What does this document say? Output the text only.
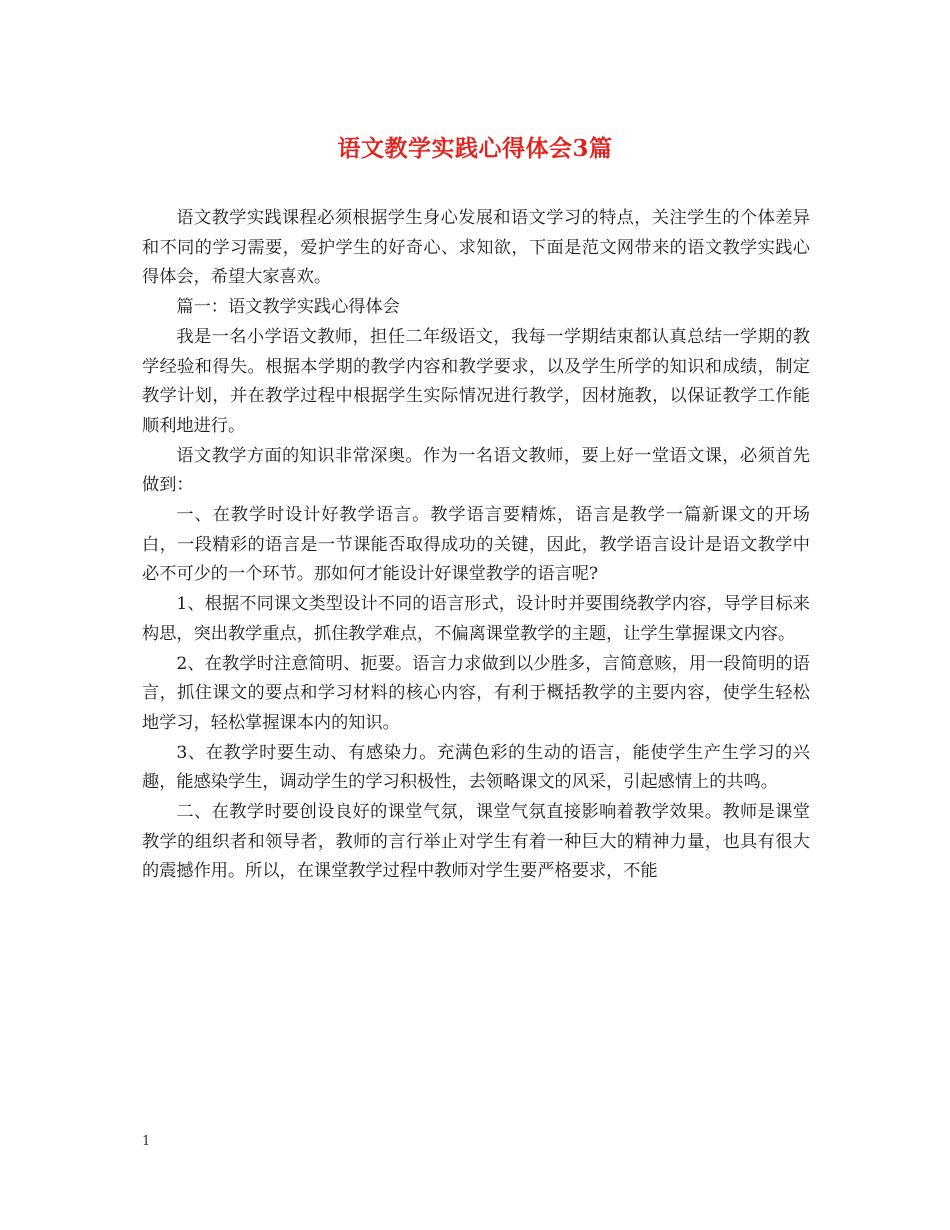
语文教学实践心得体会3篇

语文教学实践课程必须根据学生身心发展和语文学习的特点，关注学生的个体差异和不同的学习需要，爱护学生的好奇心、求知欲，下面是范文网带来的语文教学实践心得体会，希望大家喜欢。

篇一：语文教学实践心得体会

我是一名小学语文教师，担任二年级语文，我每一学期结束都认真总结一学期的教学经验和得失。根据本学期的教学内容和教学要求，以及学生所学的知识和成绩，制定教学计划，并在教学过程中根据学生实际情况进行教学，因材施教，以保证教学工作能顺利地进行。

语文教学方面的知识非常深奥。作为一名语文教师，要上好一堂语文课，必须首先做到：

一、在教学时设计好教学语言。教学语言要精炼，语言是教学一篇新课文的开场白，一段精彩的语言是一节课能否取得成功的关键，因此，教学语言设计是语文教学中必不可少的一个环节。那如何才能设计好课堂教学的语言呢?

1、根据不同课文类型设计不同的语言形式，设计时并要围绕教学内容，导学目标来构思，突出教学重点，抓住教学难点，不偏离课堂教学的主题，让学生掌握课文内容。

2、在教学时注意简明、扼要。语言力求做到以少胜多，言简意赅，用一段简明的语言，抓住课文的要点和学习材料的核心内容，有利于概括教学的主要内容，使学生轻松地学习，轻松掌握课本内的知识。

3、在教学时要生动、有感染力。充满色彩的生动的语言，能使学生产生学习的兴趣，能感染学生，调动学生的学习积极性，去领略课文的风采，引起感情上的共鸣。

二、在教学时要创设良好的课堂气氛，课堂气氛直接影响着教学效果。教师是课堂教学的组织者和领导者，教师的言行举止对学生有着一种巨大的精神力量，也具有很大的震撼作用。所以，在课堂教学过程中教师对学生要严格要求，不能

1
